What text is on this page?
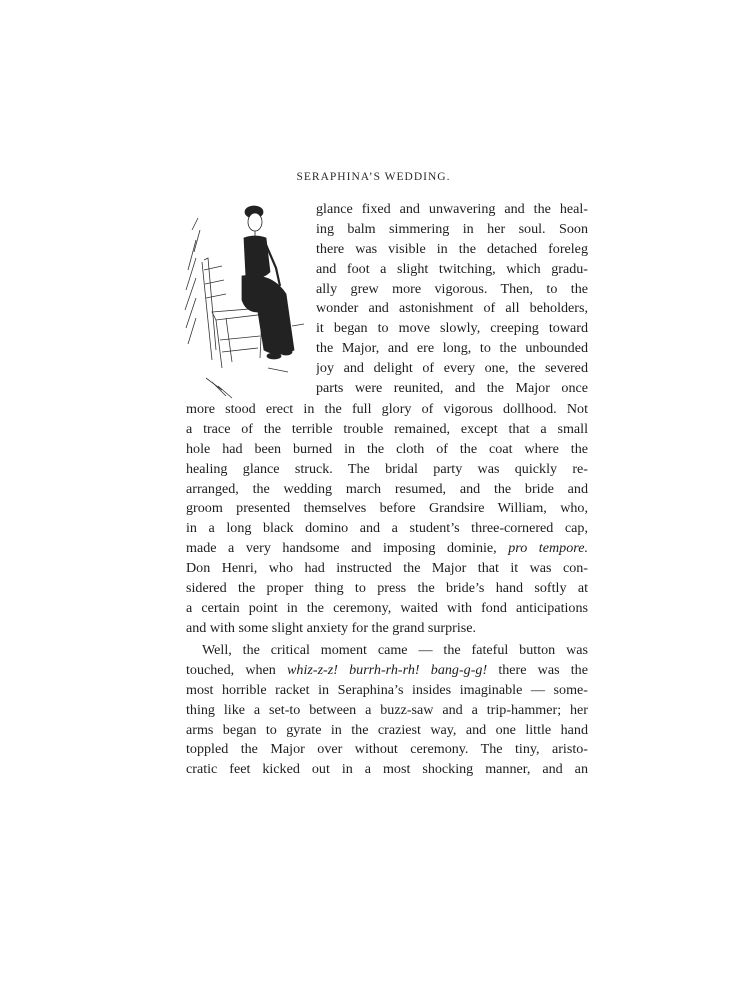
SERAPHINA’S WEDDING.
glance fixed and unwavering and the heal-
ing balm simmering in her soul. Soon
there was visible in the detached foreleg
and foot a slight twitching, which gradu-
ally grew more vigorous. Then, to the
wonder and astonishment of all beholders,
it began to move slowly, creeping toward
the Major, and ere long, to the unbounded
joy and delight of every one, the severed
parts were reunited, and the Major once
more stood erect in the full glory of vigorous dollhood. Not
a trace of the terrible trouble remained, except that a small
hole had been burned in the cloth of the coat where the
healing glance struck. The bridal party was quickly re-
arranged, the wedding march resumed, and the bride and
groom presented themselves before Grandsire William, who,
in a long black domino and a student’s three-cornered cap,
made a very handsome and imposing dominie, pro tempore.
Don Henri, who had instructed the Major that it was con-
sidered the proper thing to press the bride’s hand softly at
a certain point in the ceremony, waited with fond anticipations
and with some slight anxiety for the grand surprise.
Well, the critical moment came — the fateful button was
touched, when whiz-z-z! burrh-rh-rh! bang-g-g! there was the
most horrible racket in Seraphina’s insides imaginable — some-
thing like a set-to between a buzz-saw and a trip-hammer; her
arms began to gyrate in the craziest way, and one little hand
toppled the Major over without ceremony. The tiny, aristo-
cratic feet kicked out in a most shocking manner, and an
